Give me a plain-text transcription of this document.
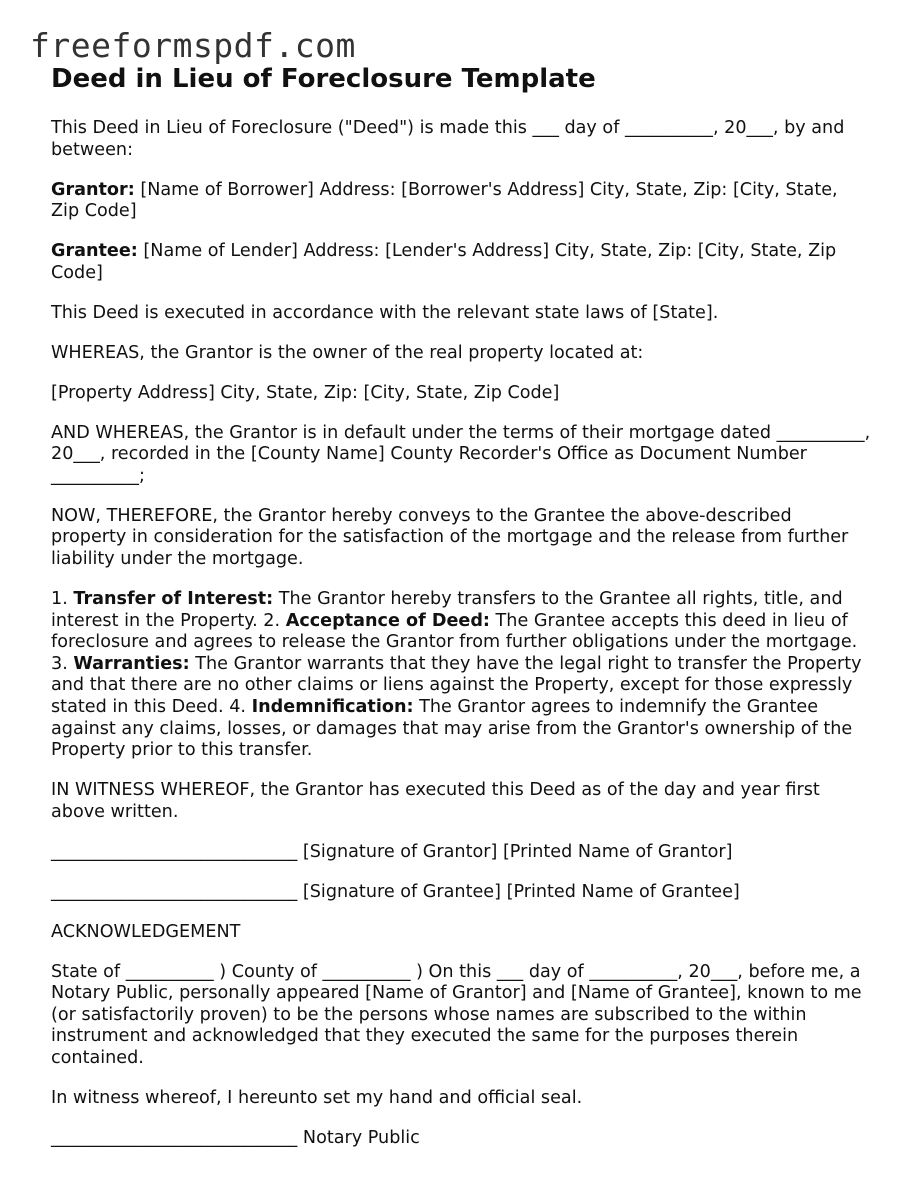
freeformspdf.com
Deed in Lieu of Foreclosure Template

This Deed in Lieu of Foreclosure ("Deed") is made this ___ day of __________, 20___, by and between:

Grantor: [Name of Borrower] Address: [Borrower's Address] City, State, Zip: [City, State, Zip Code]

Grantee: [Name of Lender] Address: [Lender's Address] City, State, Zip: [City, State, Zip Code]

This Deed is executed in accordance with the relevant state laws of [State].

WHEREAS, the Grantor is the owner of the real property located at:

[Property Address] City, State, Zip: [City, State, Zip Code]

AND WHEREAS, the Grantor is in default under the terms of their mortgage dated __________, 20___, recorded in the [County Name] County Recorder's Office as Document Number __________;

NOW, THEREFORE, the Grantor hereby conveys to the Grantee the above-described property in consideration for the satisfaction of the mortgage and the release from further liability under the mortgage.

1. Transfer of Interest: The Grantor hereby transfers to the Grantee all rights, title, and interest in the Property. 2. Acceptance of Deed: The Grantee accepts this deed in lieu of foreclosure and agrees to release the Grantor from further obligations under the mortgage. 3. Warranties: The Grantor warrants that they have the legal right to transfer the Property and that there are no other claims or liens against the Property, except for those expressly stated in this Deed. 4. Indemnification: The Grantor agrees to indemnify the Grantee against any claims, losses, or damages that may arise from the Grantor's ownership of the Property prior to this transfer.

IN WITNESS WHEREOF, the Grantor has executed this Deed as of the day and year first above written.

____________________________ [Signature of Grantor] [Printed Name of Grantor]

____________________________ [Signature of Grantee] [Printed Name of Grantee]

ACKNOWLEDGEMENT

State of __________ ) County of __________ ) On this ___ day of __________, 20___, before me, a Notary Public, personally appeared [Name of Grantor] and [Name of Grantee], known to me (or satisfactorily proven) to be the persons whose names are subscribed to the within instrument and acknowledged that they executed the same for the purposes therein contained.

In witness whereof, I hereunto set my hand and official seal.

____________________________ Notary Public
